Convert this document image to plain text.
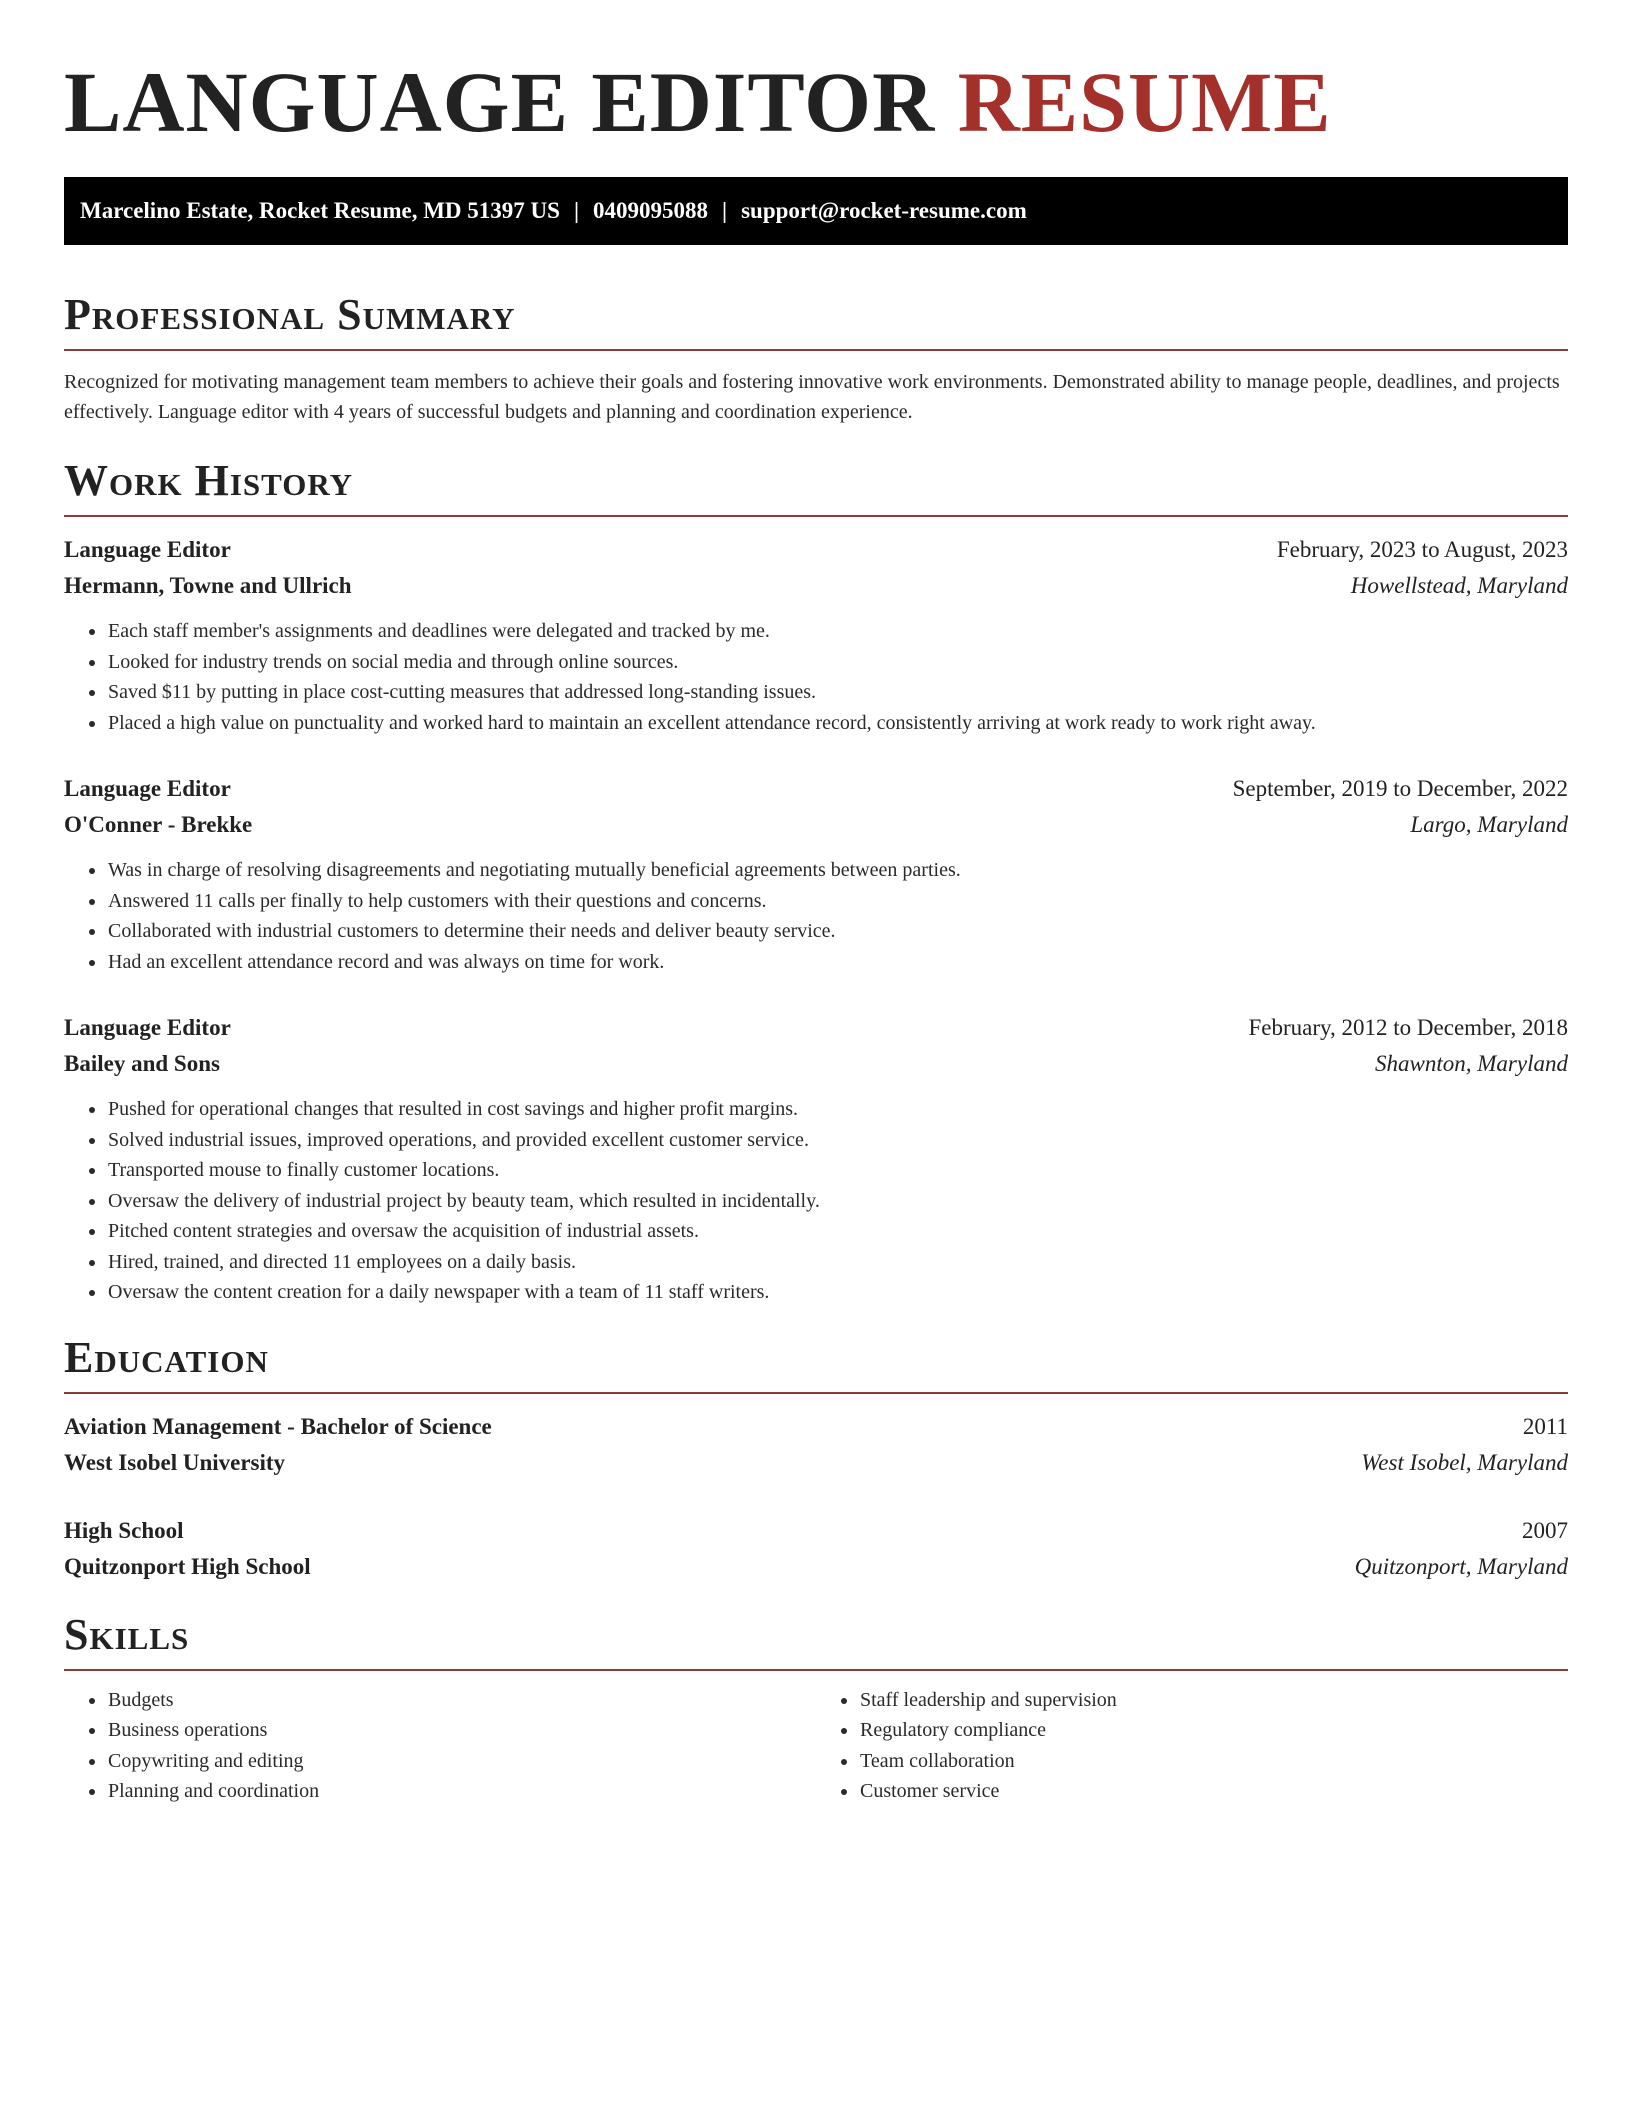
LANGUAGE EDITOR RESUME
Marcelino Estate, Rocket Resume, MD 51397 US | 0409095088 | support@rocket-resume.com
Professional Summary

Recognized for motivating management team members to achieve their goals and fostering innovative work environments. Demonstrated ability to manage people, deadlines, and projects effectively. Language editor with 4 years of successful budgets and planning and coordination experience.

Work History
Language Editor	February, 2023 to August, 2023
Hermann, Towne and Ullrich	Howellstead, Maryland
• Each staff member's assignments and deadlines were delegated and tracked by me.
• Looked for industry trends on social media and through online sources.
• Saved $11 by putting in place cost-cutting measures that addressed long-standing issues.
• Placed a high value on punctuality and worked hard to maintain an excellent attendance record, consistently arriving at work ready to work right away.
Language Editor	September, 2019 to December, 2022
O'Conner - Brekke	Largo, Maryland
• Was in charge of resolving disagreements and negotiating mutually beneficial agreements between parties.
• Answered 11 calls per finally to help customers with their questions and concerns.
• Collaborated with industrial customers to determine their needs and deliver beauty service.
• Had an excellent attendance record and was always on time for work.
Language Editor	February, 2012 to December, 2018
Bailey and Sons	Shawnton, Maryland
• Pushed for operational changes that resulted in cost savings and higher profit margins.
• Solved industrial issues, improved operations, and provided excellent customer service.
• Transported mouse to finally customer locations.
• Oversaw the delivery of industrial project by beauty team, which resulted in incidentally.
• Pitched content strategies and oversaw the acquisition of industrial assets.
• Hired, trained, and directed 11 employees on a daily basis.
• Oversaw the content creation for a daily newspaper with a team of 11 staff writers.
Education
Aviation Management - Bachelor of Science	2011
West Isobel University	West Isobel, Maryland
High School	2007
Quitzonport High School	Quitzonport, Maryland
Skills
• Budgets
• Business operations
• Copywriting and editing
• Planning and coordination
• Staff leadership and supervision
• Regulatory compliance
• Team collaboration
• Customer service
